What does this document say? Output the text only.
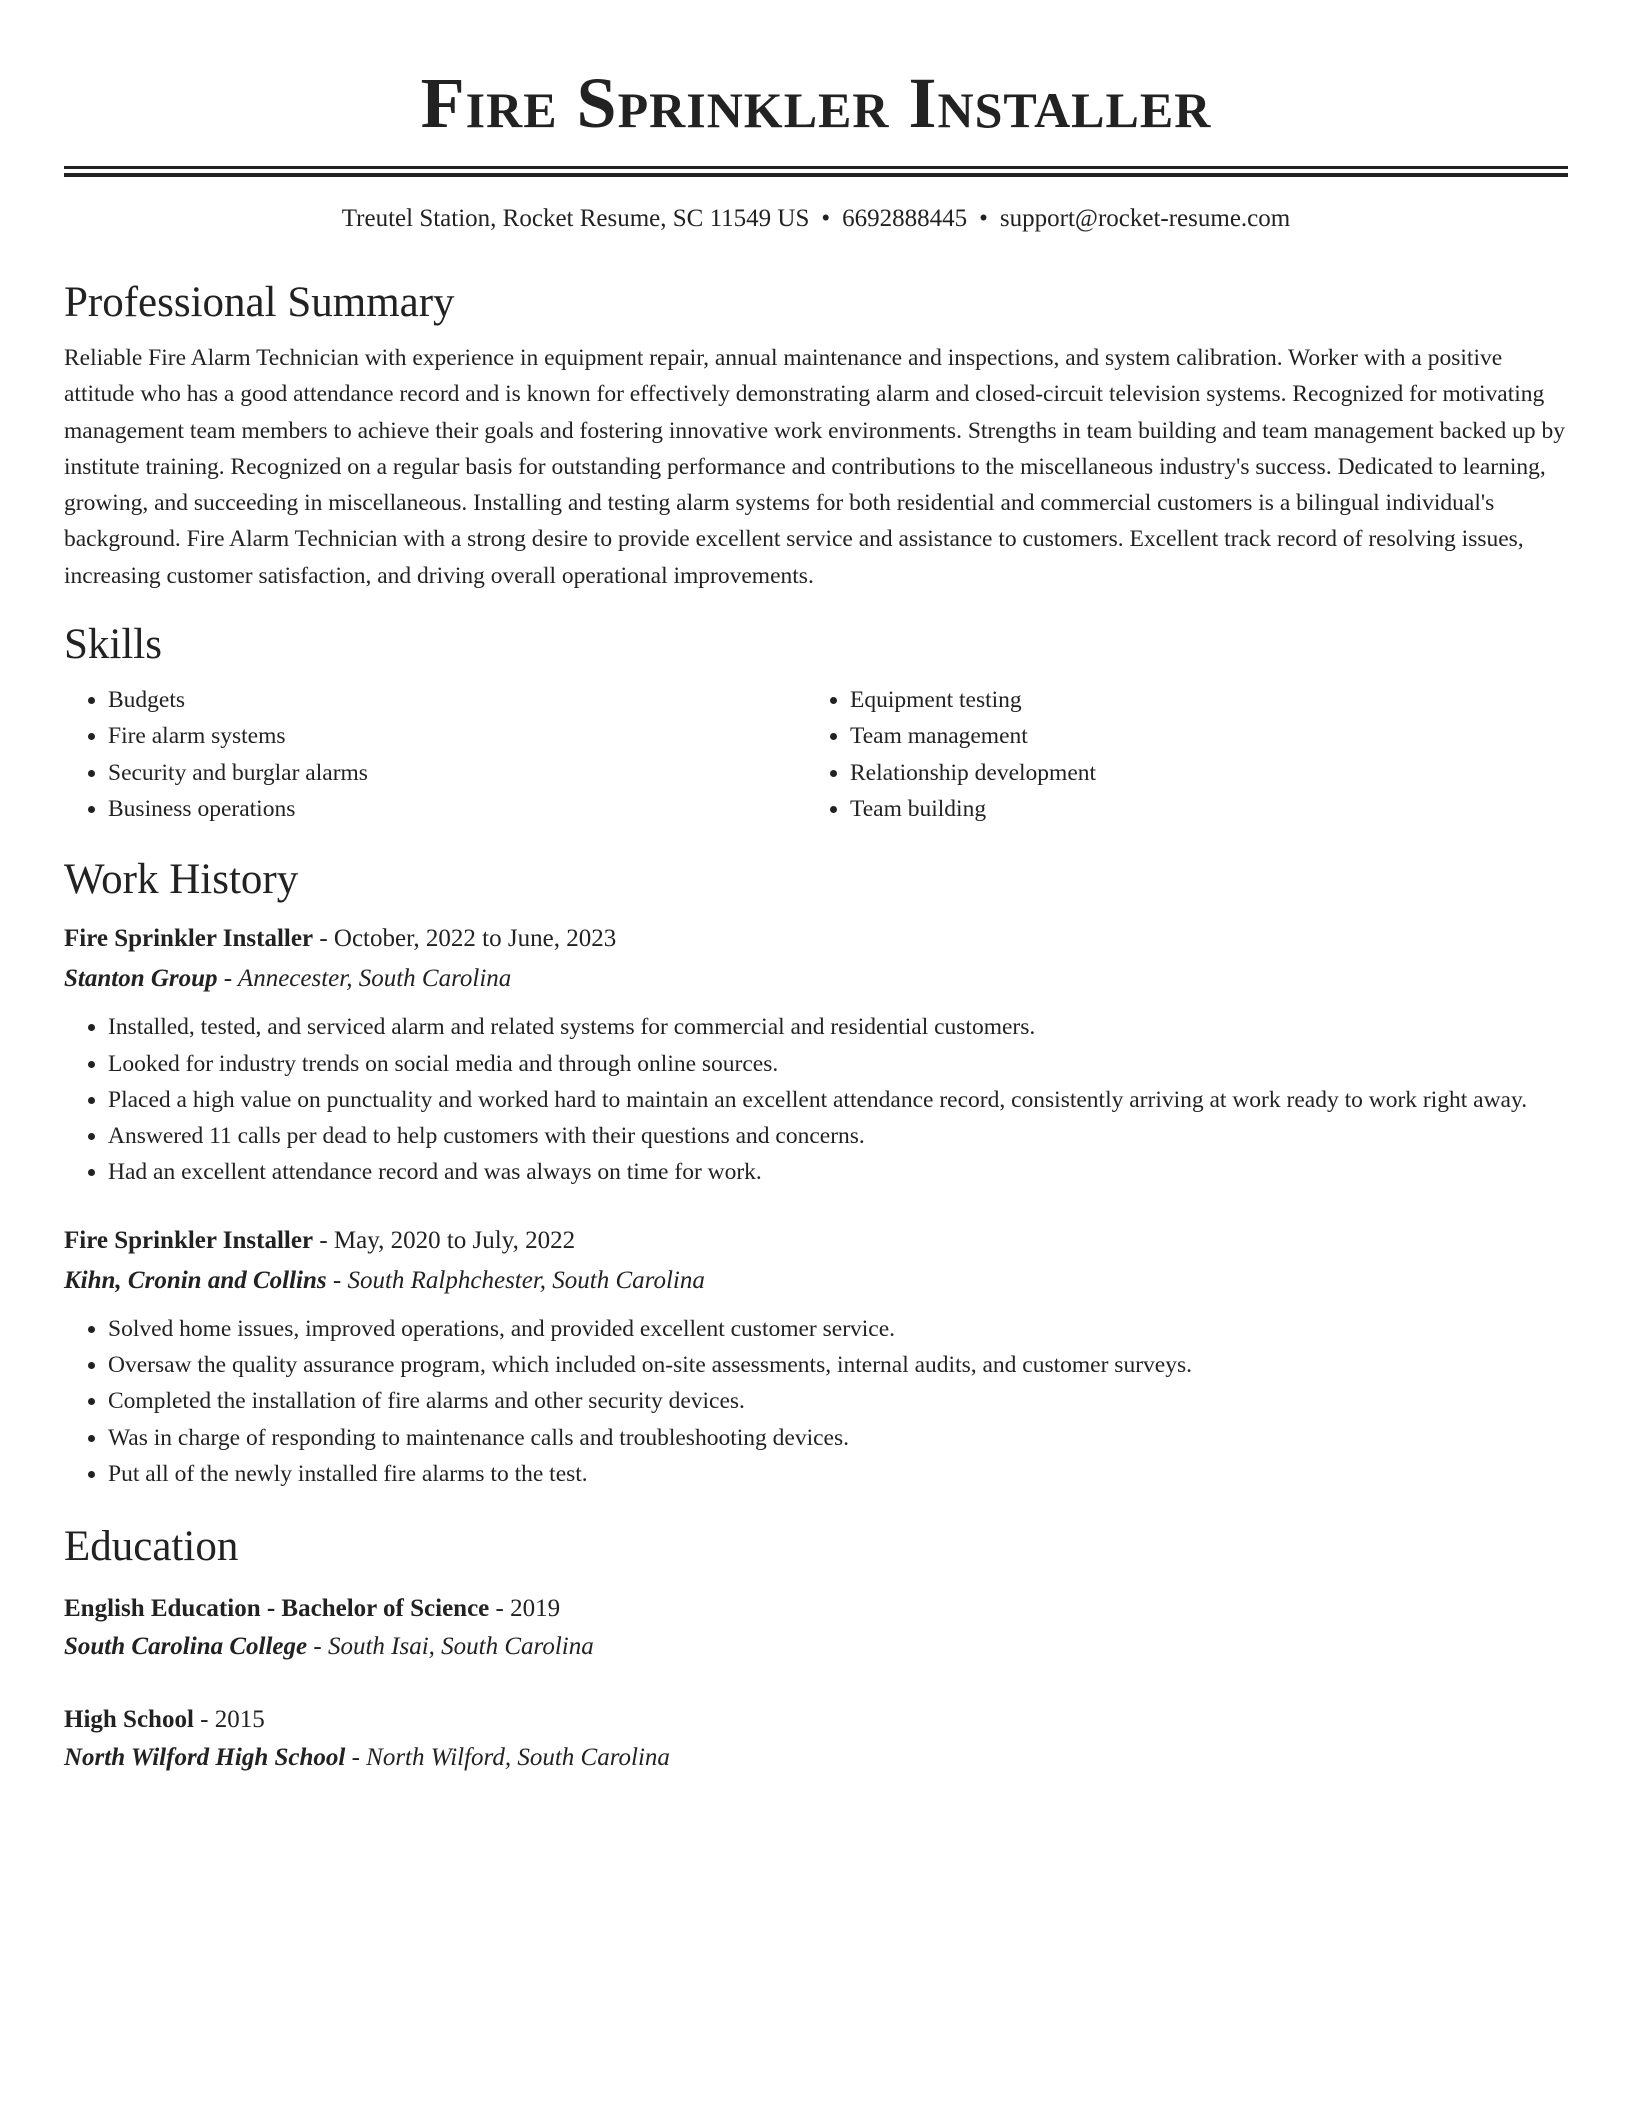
Fire Sprinkler Installer
Treutel Station, Rocket Resume, SC 11549 US • 6692888445 • support@rocket-resume.com
Professional Summary

Reliable Fire Alarm Technician with experience in equipment repair, annual maintenance and inspections, and system calibration. Worker with a positive attitude who has a good attendance record and is known for effectively demonstrating alarm and closed-circuit television systems. Recognized for motivating management team members to achieve their goals and fostering innovative work environments. Strengths in team building and team management backed up by institute training. Recognized on a regular basis for outstanding performance and contributions to the miscellaneous industry's success. Dedicated to learning, growing, and succeeding in miscellaneous. Installing and testing alarm systems for both residential and commercial customers is a bilingual individual's background. Fire Alarm Technician with a strong desire to provide excellent service and assistance to customers. Excellent track record of resolving issues, increasing customer satisfaction, and driving overall operational improvements.

Skills
• Budgets
• Fire alarm systems
• Security and burglar alarms
• Business operations
• Equipment testing
• Team management
• Relationship development
• Team building
Work History
Fire Sprinkler Installer - October, 2022 to June, 2023
Stanton Group - Annecester, South Carolina
• Installed, tested, and serviced alarm and related systems for commercial and residential customers.
• Looked for industry trends on social media and through online sources.
• Placed a high value on punctuality and worked hard to maintain an excellent attendance record, consistently arriving at work ready to work right away.
• Answered 11 calls per dead to help customers with their questions and concerns.
• Had an excellent attendance record and was always on time for work.
Fire Sprinkler Installer - May, 2020 to July, 2022
Kihn, Cronin and Collins - South Ralphchester, South Carolina
• Solved home issues, improved operations, and provided excellent customer service.
• Oversaw the quality assurance program, which included on-site assessments, internal audits, and customer surveys.
• Completed the installation of fire alarms and other security devices.
• Was in charge of responding to maintenance calls and troubleshooting devices.
• Put all of the newly installed fire alarms to the test.
Education
English Education - Bachelor of Science - 2019
South Carolina College - South Isai, South Carolina
High School - 2015
North Wilford High School - North Wilford, South Carolina
